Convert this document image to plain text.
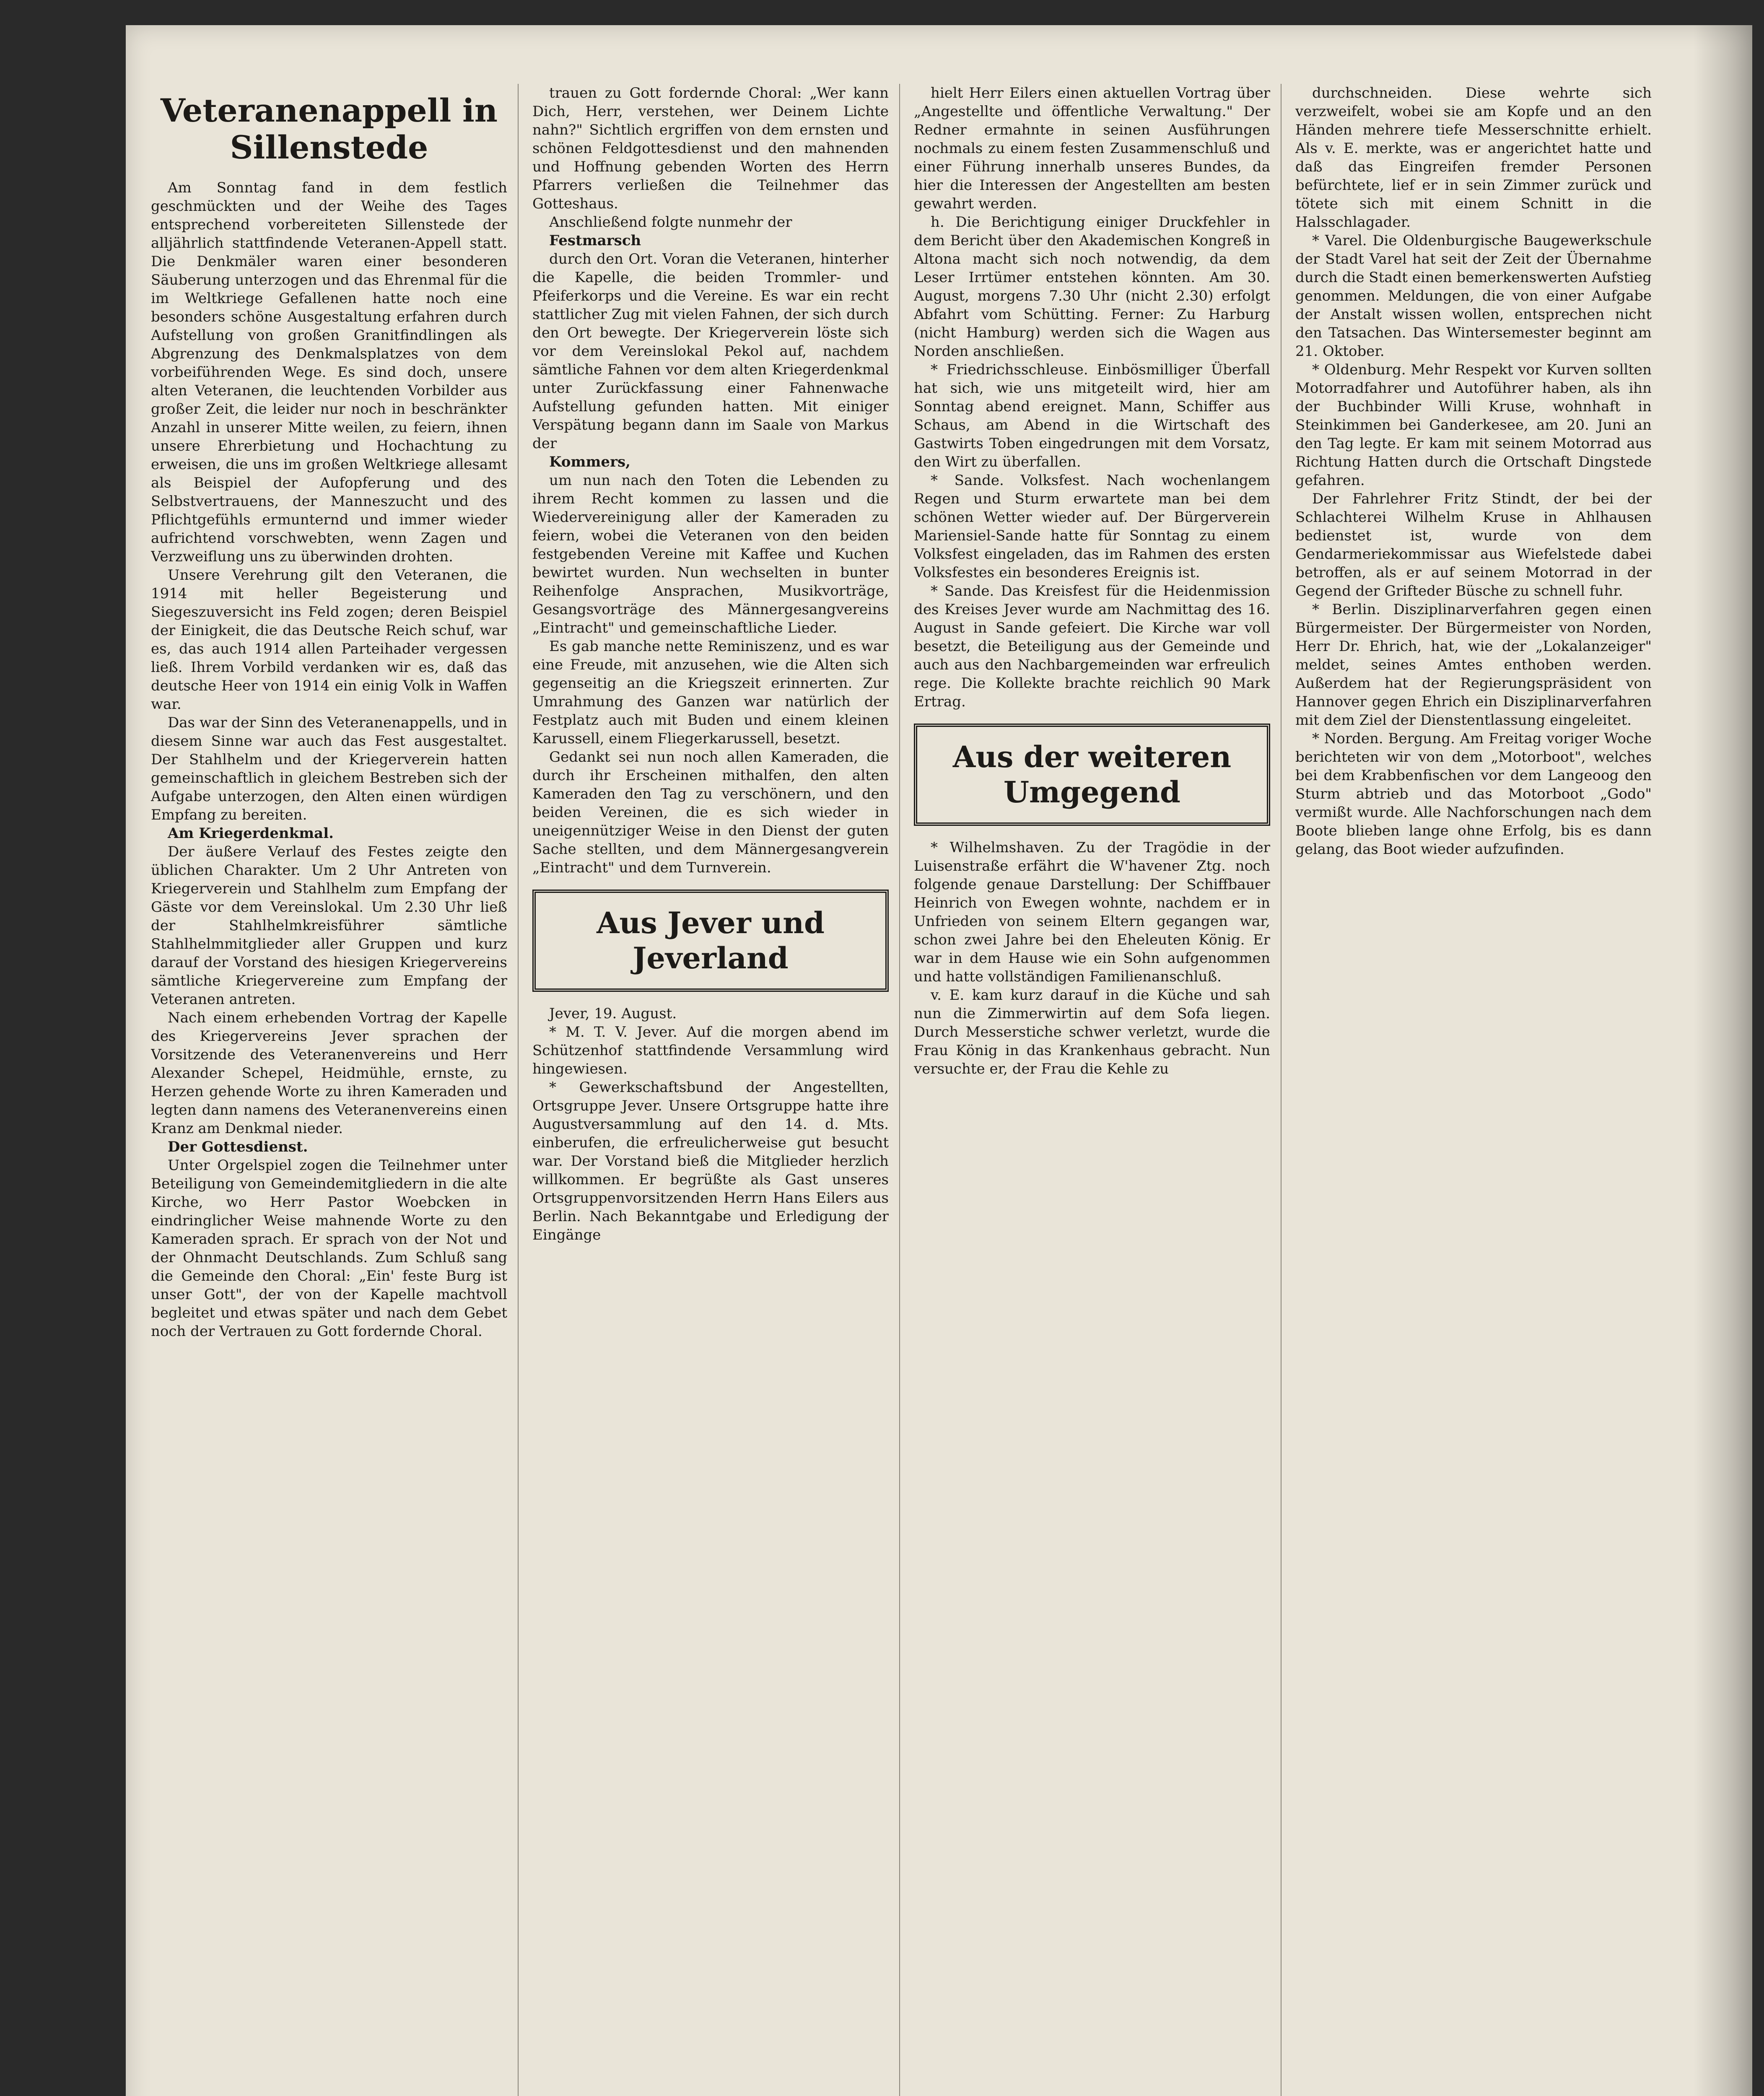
Veteranenappell in Sillenstede

Am Sonntag fand in dem festlich geschmückten und der Weihe des Tages entsprechend vorbereiteten Sillenstede der alljährlich stattfindende Veteranen-Appell statt. Die Denkmäler waren einer besonderen Säuberung unterzogen und das Ehrenmal für die im Weltkriege Gefallenen hatte noch eine besonders schöne Ausgestaltung erfahren durch Aufstellung von großen Granitfindlingen als Abgrenzung des Denkmalsplatzes von dem vorbeiführenden Wege. Es sind doch, unsere alten Veteranen, die leuchtenden Vorbilder aus großer Zeit, die leider nur noch in beschränkter Anzahl in unserer Mitte weilen, zu feiern, ihnen unsere Ehrerbietung und Hochachtung zu erweisen, die uns im großen Weltkriege allesamt als Beispiel der Aufopferung und des Selbstvertrauens, der Manneszucht und des Pflichtgefühls ermunternd und immer wieder aufrichtend vorschwebten, wenn Zagen und Verzweiflung uns zu überwinden drohten.

Unsere Verehrung gilt den Veteranen, die 1914 mit heller Begeisterung und Siegeszuversicht ins Feld zogen; deren Beispiel der Einigkeit, die das Deutsche Reich schuf, war es, das auch 1914 allen Parteihader vergessen ließ. Ihrem Vorbild verdanken wir es, daß das deutsche Heer von 1914 ein einig Volk in Waffen war.

Das war der Sinn des Veteranenappells, und in diesem Sinne war auch das Fest ausgestaltet. Der Stahlhelm und der Kriegerverein hatten gemeinschaftlich in gleichem Bestreben sich der Aufgabe unterzogen, den Alten einen würdigen Empfang zu bereiten.

Am Kriegerdenkmal.

Der äußere Verlauf des Festes zeigte den üblichen Charakter. Um 2 Uhr Antreten von Kriegerverein und Stahlhelm zum Empfang der Gäste vor dem Vereinslokal. Um 2.30 Uhr ließ der Stahlhelmkreisführer sämtliche Stahlhelmmitglieder aller Gruppen und kurz darauf der Vorstand des hiesigen Kriegervereins sämtliche Kriegervereine zum Empfang der Veteranen antreten.

Nach einem erhebenden Vortrag der Kapelle des Kriegervereins Jever sprachen der Vorsitzende des Veteranenvereins und Herr Alexander Schepel, Heidmühle, ernste, zu Herzen gehende Worte zu ihren Kameraden und legten dann namens des Veteranenvereins einen Kranz am Denkmal nieder.

Der Gottesdienst.

Unter Orgelspiel zogen die Teilnehmer unter Beteiligung von Gemeindemitgliedern in die alte Kirche, wo Herr Pastor Woebcken in eindringlicher Weise mahnende Worte zu den Kameraden sprach. Er sprach von der Not und der Ohnmacht Deutschlands. Zum Schluß sang die Gemeinde den Choral: „Ein' feste Burg ist unser Gott", der von der Kapelle machtvoll begleitet und etwas später und nach dem Gebet noch der Vertrauen zu Gott fordernde Choral.

trauen zu Gott fordernde Choral: „Wer kann Dich, Herr, verstehen, wer Deinem Lichte nahn?" Sichtlich ergriffen von dem ernsten und schönen Feldgottesdienst und den mahnenden und Hoffnung gebenden Worten des Herrn Pfarrers verließen die Teilnehmer das Gotteshaus.

Anschließend folgte nunmehr der

Festmarsch

durch den Ort. Voran die Veteranen, hinterher die Kapelle, die beiden Trommler- und Pfeiferkorps und die Vereine. Es war ein recht stattlicher Zug mit vielen Fahnen, der sich durch den Ort bewegte. Der Kriegerverein löste sich vor dem Vereinslokal Pekol auf, nachdem sämtliche Fahnen vor dem alten Kriegerdenkmal unter Zurückfassung einer Fahnenwache Aufstellung gefunden hatten. Mit einiger Verspätung begann dann im Saale von Markus der

Kommers,

um nun nach den Toten die Lebenden zu ihrem Recht kommen zu lassen und die Wiedervereinigung aller der Kameraden zu feiern, wobei die Veteranen von den beiden festgebenden Vereine mit Kaffee und Kuchen bewirtet wurden. Nun wechselten in bunter Reihenfolge Ansprachen, Musikvorträge, Gesangsvorträge des Männergesangvereins „Eintracht" und gemeinschaftliche Lieder.

Es gab manche nette Reminiszenz, und es war eine Freude, mit anzusehen, wie die Alten sich gegenseitig an die Kriegszeit erinnerten. Zur Umrahmung des Ganzen war natürlich der Festplatz auch mit Buden und einem kleinen Karussell, einem Fliegerkarussell, besetzt.

Gedankt sei nun noch allen Kameraden, die durch ihr Erscheinen mithalfen, den alten Kameraden den Tag zu verschönern, und den beiden Vereinen, die es sich wieder in uneigennütziger Weise in den Dienst der guten Sache stellten, und dem Männergesangverein „Eintracht" und dem Turnverein.

Aus Jever und Jeverland

Jever, 19. August.

* M. T. V. Jever. Auf die morgen abend im Schützenhof stattfindende Versammlung wird hingewiesen.

* Gewerkschaftsbund der Angestellten, Ortsgruppe Jever. Unsere Ortsgruppe hatte ihre Augustversammlung auf den 14. d. Mts. einberufen, die erfreulicherweise gut besucht war. Der Vorstand bieß die Mitglieder herzlich willkommen. Er begrüßte als Gast unseres Ortsgruppenvorsitzenden Herrn Hans Eilers aus Berlin. Nach Bekanntgabe und Erledigung der Eingänge

hielt Herr Eilers einen aktuellen Vortrag über „Angestellte und öffentliche Verwaltung." Der Redner ermahnte in seinen Ausführungen nochmals zu einem festen Zusammenschluß und einer Führung innerhalb unseres Bundes, da hier die Interessen der Angestellten am besten gewahrt werden.

h. Die Berichtigung einiger Druckfehler in dem Bericht über den Akademischen Kongreß in Altona macht sich noch notwendig, da dem Leser Irrtümer entstehen könnten. Am 30. August, morgens 7.30 Uhr (nicht 2.30) erfolgt Abfahrt vom Schütting. Ferner: Zu Harburg (nicht Hamburg) werden sich die Wagen aus Norden anschließen.

* Friedrichsschleuse. Einbösmilliger Überfall hat sich, wie uns mitgeteilt wird, hier am Sonntag abend ereignet. Mann, Schiffer aus Schaus, am Abend in die Wirtschaft des Gastwirts Toben eingedrungen mit dem Vorsatz, den Wirt zu überfallen.

* Sande. Volksfest. Nach wochenlangem Regen und Sturm erwartete man bei dem schönen Wetter wieder auf. Der Bürgerverein Mariensiel-Sande hatte für Sonntag zu einem Volksfest eingeladen, das im Rahmen des ersten Volksfestes ein besonderes Ereignis ist.

* Sande. Das Kreisfest für die Heidenmission des Kreises Jever wurde am Nachmittag des 16. August in Sande gefeiert. Die Kirche war voll besetzt, die Beteiligung aus der Gemeinde und auch aus den Nachbargemeinden war erfreulich rege. Die Kollekte brachte reichlich 90 Mark Ertrag.

Aus der weiteren Umgegend

* Wilhelmshaven. Zu der Tragödie in der Luisenstraße erfährt die W'havener Ztg. noch folgende genaue Darstellung: Der Schiffbauer Heinrich von Ewegen wohnte, nachdem er in Unfrieden von seinem Eltern gegangen war, schon zwei Jahre bei den Eheleuten König. Er war in dem Hause wie ein Sohn aufgenommen und hatte vollständigen Familienanschluß.

v. E. kam kurz darauf in die Küche und sah nun die Zimmerwirtin auf dem Sofa liegen. Durch Messerstiche schwer verletzt, wurde die Frau König in das Krankenhaus gebracht. Nun versuchte er, der Frau die Kehle zu

durchschneiden. Diese wehrte sich verzweifelt, wobei sie am Kopfe und an den Händen mehrere tiefe Messerschnitte erhielt. Als v. E. merkte, was er angerichtet hatte und daß das Eingreifen fremder Personen befürchtete, lief er in sein Zimmer zurück und tötete sich mit einem Schnitt in die Halsschlagader.

* Varel. Die Oldenburgische Baugewerkschule der Stadt Varel hat seit der Zeit der Übernahme durch die Stadt einen bemerkenswerten Aufstieg genommen. Meldungen, die von einer Aufgabe der Anstalt wissen wollen, entsprechen nicht den Tatsachen. Das Wintersemester beginnt am 21. Oktober.

* Oldenburg. Mehr Respekt vor Kurven sollten Motorradfahrer und Autoführer haben, als ihn der Buchbinder Willi Kruse, wohnhaft in Steinkimmen bei Ganderkesee, am 20. Juni an den Tag legte. Er kam mit seinem Motorrad aus Richtung Hatten durch die Ortschaft Dingstede gefahren.

Der Fahrlehrer Fritz Stindt, der bei der Schlachterei Wilhelm Kruse in Ahlhausen bedienstet ist, wurde von dem Gendarmeriekommissar aus Wiefelstede dabei betroffen, als er auf seinem Motorrad in der Gegend der Grifteder Büsche zu schnell fuhr.

* Berlin. Disziplinarverfahren gegen einen Bürgermeister. Der Bürgermeister von Norden, Herr Dr. Ehrich, hat, wie der „Lokalanzeiger" meldet, seines Amtes enthoben werden. Außerdem hat der Regierungspräsident von Hannover gegen Ehrich ein Disziplinarverfahren mit dem Ziel der Dienstentlassung eingeleitet.

* Norden. Bergung. Am Freitag voriger Woche berichteten wir von dem „Motorboot", welches bei dem Krabbenfischen vor dem Langeoog den Sturm abtrieb und das Motorboot „Godo" vermißt wurde. Alle Nachforschungen nach dem Boote blieben lange ohne Erfolg, bis es dann gelang, das Boot wieder aufzufinden.
